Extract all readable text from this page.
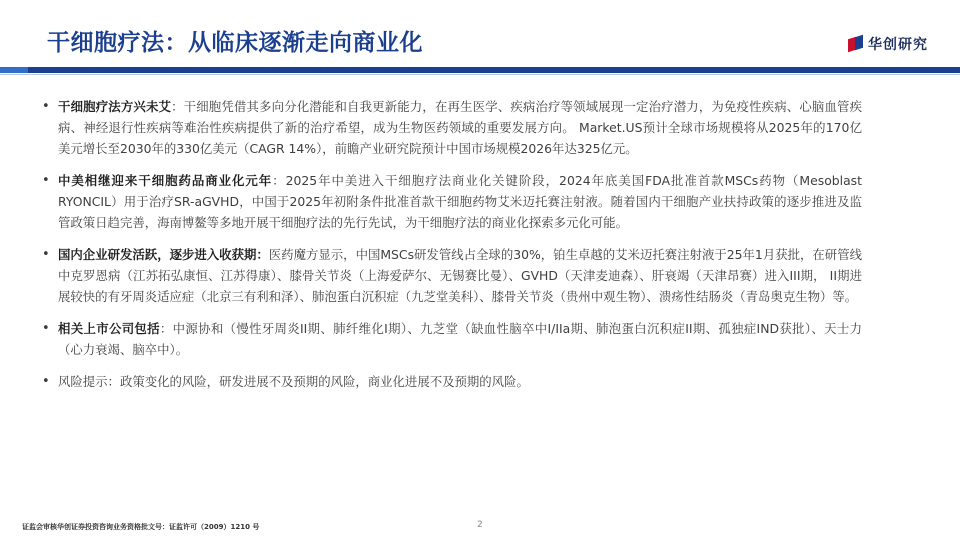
干细胞疗法：从临床逐渐走向商业化	华创研究
• 干细胞疗法方兴未艾：干细胞凭借其多向分化潜能和自我更新能力，在再生医学、疾病治疗等领域展现一定治疗潜力，为免疫性疾病、心脑血管疾病、神经退行性疾病等难治性疾病提供了新的治疗希望，成为生物医药领域的重要发展方向。 Market.US预计全球市场规模将从2025年的170亿美元增长至2030年的330亿美元（CAGR 14%），前瞻产业研究院预计中国市场规模2026年达325亿元。

• 中美相继迎来干细胞药品商业化元年：2025年中美进入干细胞疗法商业化关键阶段，2024年底美国FDA批准首款MSCs药物（Mesoblast RYONCIL）用于治疗SR-aGVHD，中国于2025年初附条件批准首款干细胞药物艾米迈托赛注射液。随着国内干细胞产业扶持政策的逐步推进及监管政策日趋完善，海南博鳌等多地开展干细胞疗法的先行先试，为干细胞疗法的商业化探索多元化可能。

• 国内企业研发活跃，逐步进入收获期：医药魔方显示，中国MSCs研发管线占全球的30%，铂生卓越的艾米迈托赛注射液于25年1月获批，在研管线中克罗恩病（江苏拓弘康恒、江苏得康）、膝骨关节炎（上海爱萨尔、无锡赛比曼）、GVHD（天津麦迪森）、肝衰竭（天津昂赛）进入III期， II期进展较快的有牙周炎适应症（北京三有利和泽）、肺泡蛋白沉积症（九芝堂美科）、膝骨关节炎（贵州中观生物）、溃疡性结肠炎（青岛奥克生物）等。

• 相关上市公司包括：中源协和（慢性牙周炎II期、肺纤维化I期）、九芝堂（缺血性脑卒中I/IIa期、肺泡蛋白沉积症II期、孤独症IND获批）、天士力（心力衰竭、脑卒中）。

• 风险提示：政策变化的风险，研发进展不及预期的风险，商业化进展不及预期的风险。

证监会审核华创证券投资咨询业务资格批文号：证监许可（2009）1210 号	2
